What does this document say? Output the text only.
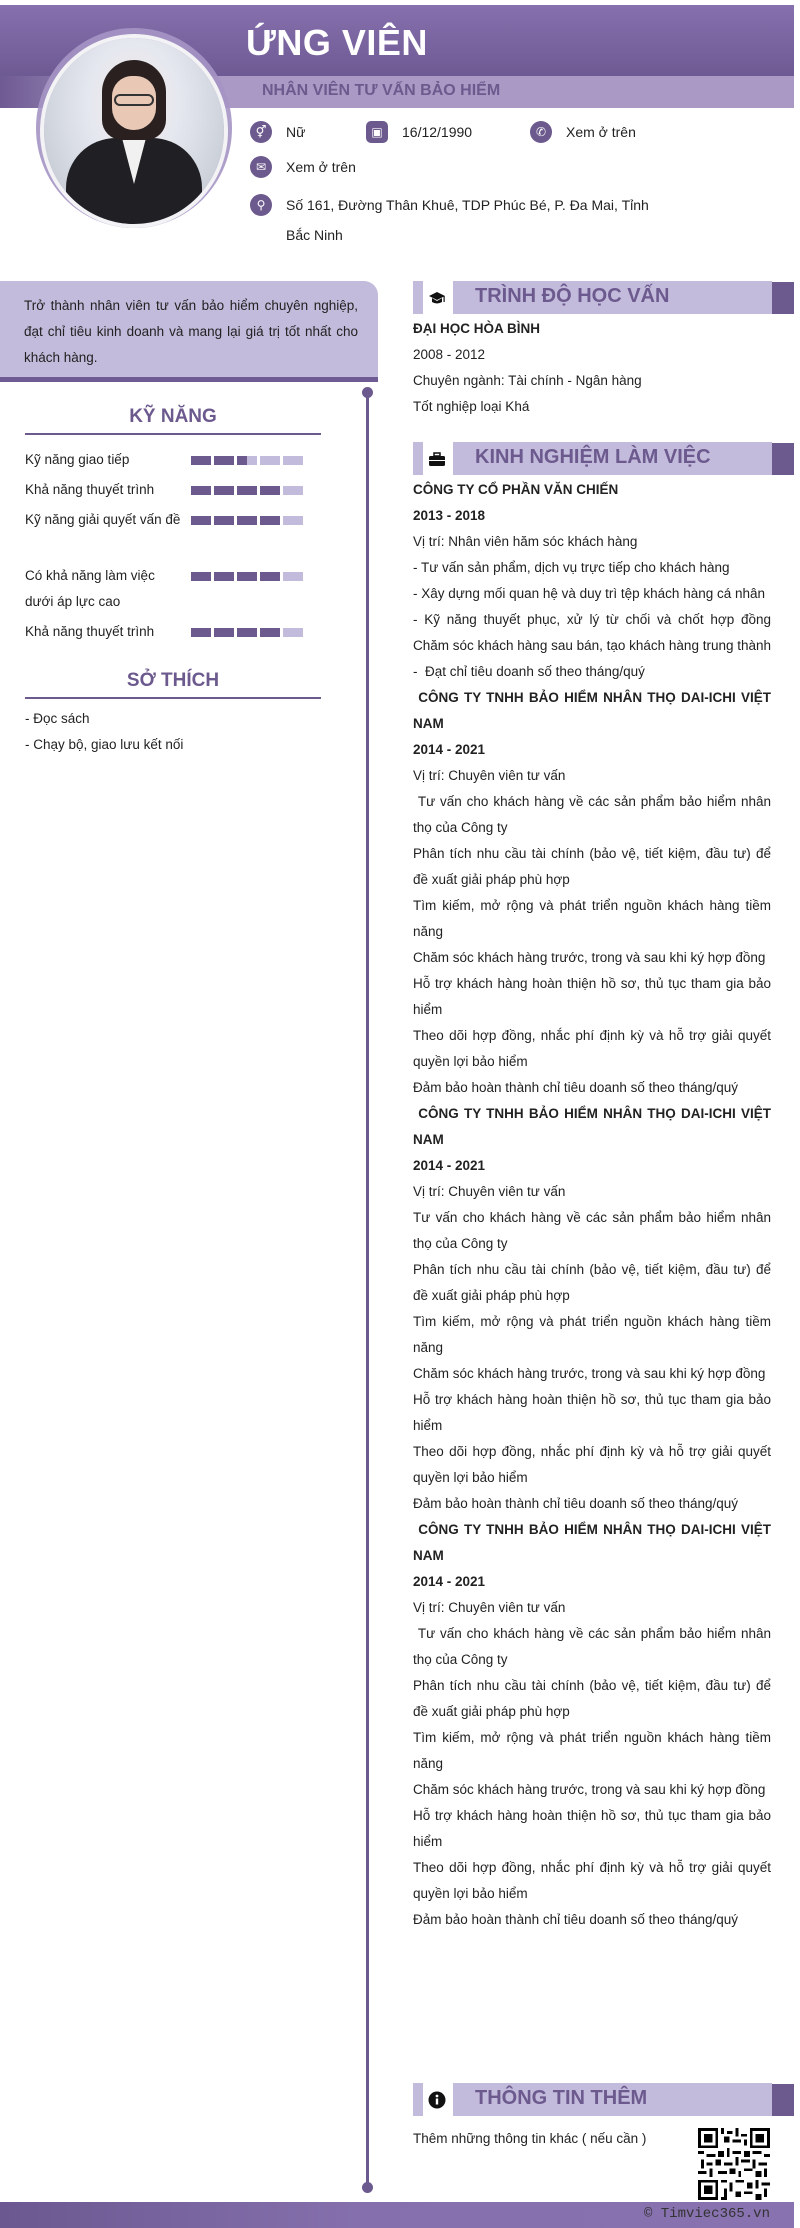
ỨNG VIÊN
NHÂN VIÊN TƯ VẤN BẢO HIỂM
⚥	Nữ	▣	16/12/1990	✆	Xem ở trên
✉	Xem ở trên
⚲	Số 161, Đường Thân Khuê, TDP Phúc Bé, P. Đa Mai, Tỉnh Bắc Ninh
Trở thành nhân viên tư vấn bảo hiểm chuyên nghiệp, đạt chỉ tiêu kinh doanh và mang lại giá trị tốt nhất cho khách hàng.
KỸ NĂNG
Kỹ năng giao tiếp
Khả năng thuyết trình
Kỹ năng giải quyết vấn đề
Có khả năng làm việc dưới áp lực cao
Khả năng thuyết trình
SỞ THÍCH
- Đọc sách
- Chạy bộ, giao lưu kết nối
TRÌNH ĐỘ HỌC VẤN

ĐẠI HỌC HÒA BÌNH

2008 - 2012

Chuyên ngành: Tài chính - Ngân hàng

Tốt nghiệp loại Khá

KINH NGHIỆM LÀM VIỆC

CÔNG TY CỔ PHẦN VĂN CHIẾN

2013 - 2018

Vị trí: Nhân viên hăm sóc khách hàng

- Tư vấn sản phẩm, dịch vụ trực tiếp cho khách hàng

- Xây dựng mối quan hệ và duy trì tệp khách hàng cá nhân

- Kỹ năng thuyết phục, xử lý từ chối và chốt hợp đồng Chăm sóc khách hàng sau bán, tạo khách hàng trung thành

-  Đạt chỉ tiêu doanh số theo tháng/quý

CÔNG TY TNHH BẢO HIỂM NHÂN THỌ DAI-ICHI VIỆT NAM

2014 - 2021

Vị trí: Chuyên viên tư vấn

Tư vấn cho khách hàng về các sản phẩm bảo hiểm nhân thọ của Công ty

Phân tích nhu cầu tài chính (bảo vệ, tiết kiệm, đầu tư) để đề xuất giải pháp phù hợp

Tìm kiếm, mở rộng và phát triển nguồn khách hàng tiềm năng

Chăm sóc khách hàng trước, trong và sau khi ký hợp đồng

Hỗ trợ khách hàng hoàn thiện hồ sơ, thủ tục tham gia bảo hiểm

Theo dõi hợp đồng, nhắc phí định kỳ và hỗ trợ giải quyết quyền lợi bảo hiểm

Đảm bảo hoàn thành chỉ tiêu doanh số theo tháng/quý

CÔNG TY TNHH BẢO HIỂM NHÂN THỌ DAI-ICHI VIỆT NAM

2014 - 2021

Vị trí: Chuyên viên tư vấn

Tư vấn cho khách hàng về các sản phẩm bảo hiểm nhân thọ của Công ty

Phân tích nhu cầu tài chính (bảo vệ, tiết kiệm, đầu tư) để đề xuất giải pháp phù hợp

Tìm kiếm, mở rộng và phát triển nguồn khách hàng tiềm năng

Chăm sóc khách hàng trước, trong và sau khi ký hợp đồng

Hỗ trợ khách hàng hoàn thiện hồ sơ, thủ tục tham gia bảo hiểm

Theo dõi hợp đồng, nhắc phí định kỳ và hỗ trợ giải quyết quyền lợi bảo hiểm

Đảm bảo hoàn thành chỉ tiêu doanh số theo tháng/quý

CÔNG TY TNHH BẢO HIỂM NHÂN THỌ DAI-ICHI VIỆT NAM

2014 - 2021

Vị trí: Chuyên viên tư vấn

Tư vấn cho khách hàng về các sản phẩm bảo hiểm nhân thọ của Công ty

Phân tích nhu cầu tài chính (bảo vệ, tiết kiệm, đầu tư) để đề xuất giải pháp phù hợp

Tìm kiếm, mở rộng và phát triển nguồn khách hàng tiềm năng

Chăm sóc khách hàng trước, trong và sau khi ký hợp đồng

Hỗ trợ khách hàng hoàn thiện hồ sơ, thủ tục tham gia bảo hiểm

Theo dõi hợp đồng, nhắc phí định kỳ và hỗ trợ giải quyết quyền lợi bảo hiểm

Đảm bảo hoàn thành chỉ tiêu doanh số theo tháng/quý

THÔNG TIN THÊM
Thêm những thông tin khác ( nếu cần )
© Timviec365.vn
